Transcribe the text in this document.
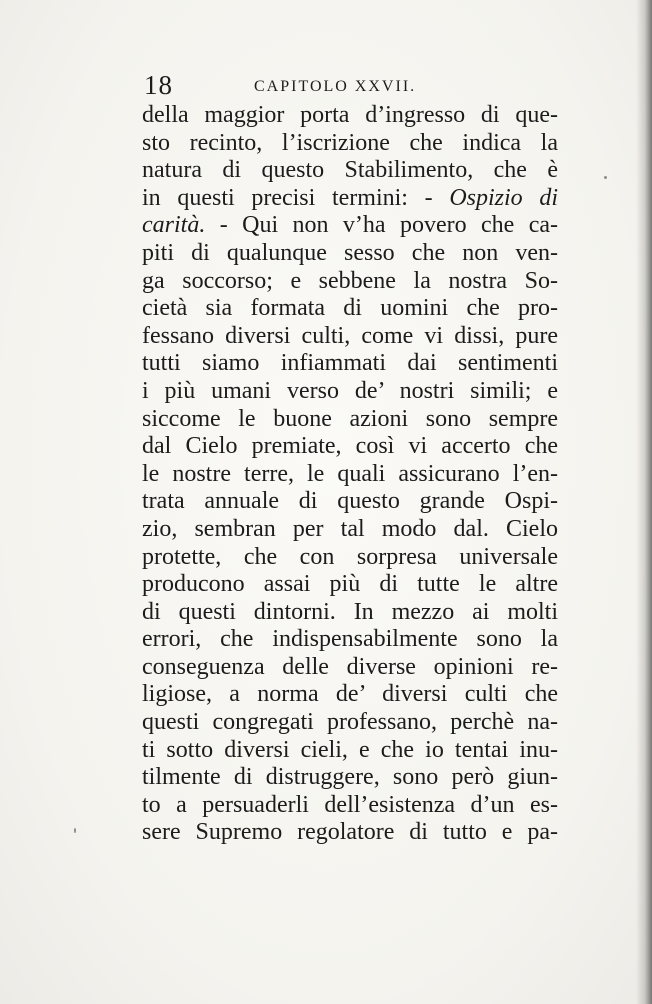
18	CAPITOLO XXVII.
della maggior porta d’ingresso di que-
sto recinto, l’iscrizione che indica la
natura di questo Stabilimento, che è
in questi precisi termini: - Ospizio di
carità. - Qui non v’ha povero che ca-
piti di qualunque sesso che non ven-
ga soccorso; e sebbene la nostra So-
cietà sia formata di uomini che pro-
fessano diversi culti, come vi dissi, pure
tutti siamo infiammati dai sentimenti
i più umani verso de’ nostri simili; e
siccome le buone azioni sono sempre
dal Cielo premiate, così vi accerto che
le nostre terre, le quali assicurano l’en-
trata annuale di questo grande Ospi-
zio, sembran per tal modo dal. Cielo
protette, che con sorpresa universale
producono assai più di tutte le altre
di questi dintorni. In mezzo ai molti
errori, che indispensabilmente sono la
conseguenza delle diverse opinioni re-
ligiose, a norma de’ diversi culti che
questi congregati professano, perchè na-
ti sotto diversi cieli, e che io tentai inu-
tilmente di distruggere, sono però giun-
to a persuaderli dell’esistenza d’un es-
sere Supremo regolatore di tutto e pa-
